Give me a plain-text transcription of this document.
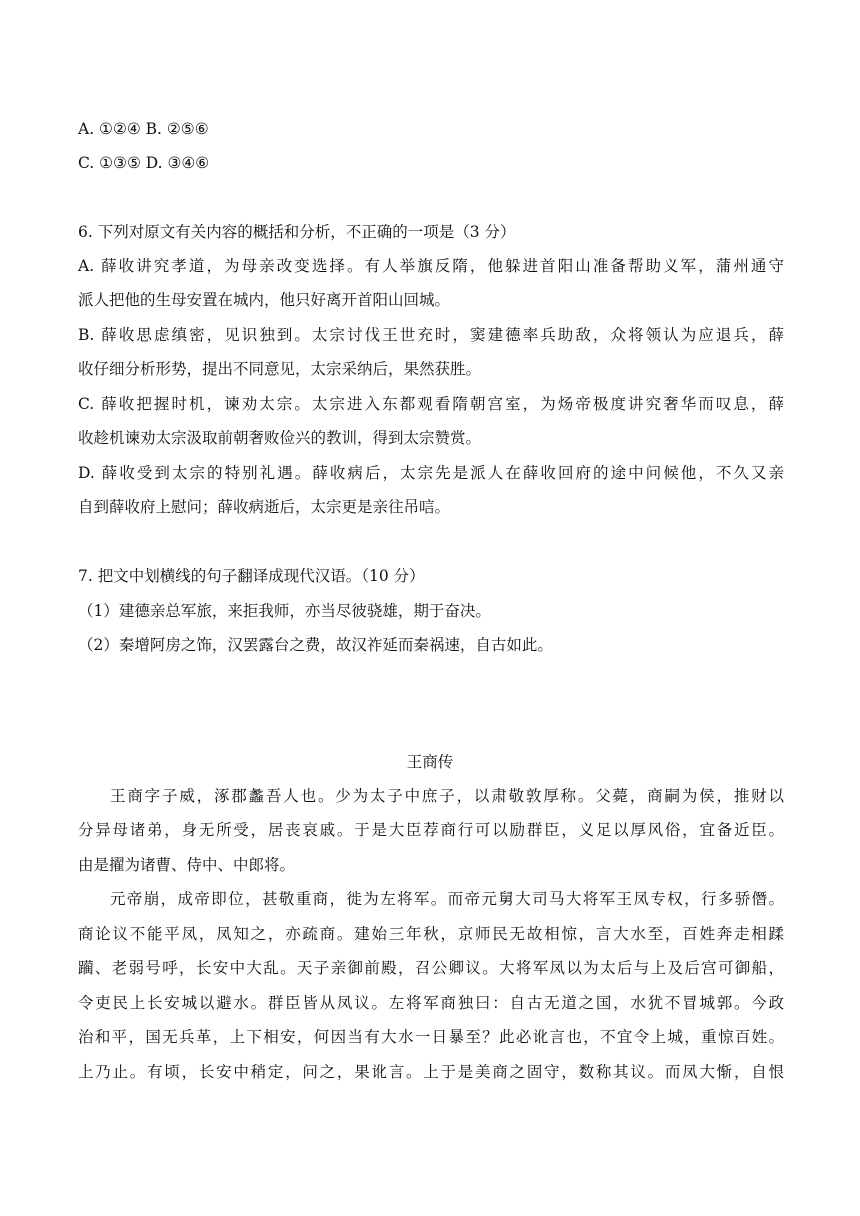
A. ①②④ B. ②⑤⑥
C. ①③⑤ D. ③④⑥
6. 下列对原文有关内容的概括和分析，不正确的一项是（3 分）
A. 薛收讲究孝道，为母亲改变选择。有人举旗反隋，他躲进首阳山准备帮助义军，蒲州通守
派人把他的生母安置在城内，他只好离开首阳山回城。
B. 薛收思虑缜密，见识独到。太宗讨伐王世充时，窦建德率兵助敌，众将领认为应退兵，薛
收仔细分析形势，提出不同意见，太宗采纳后，果然获胜。
C. 薛收把握时机，谏劝太宗。太宗进入东都观看隋朝宫室，为炀帝极度讲究奢华而叹息，薛
收趁机谏劝太宗汲取前朝奢败俭兴的教训，得到太宗赞赏。
D. 薛收受到太宗的特别礼遇。薛收病后，太宗先是派人在薛收回府的途中问候他，不久又亲
自到薛收府上慰问；薛收病逝后，太宗更是亲往吊唁。
7. 把文中划横线的句子翻译成现代汉语。（10 分）
（1）建德亲总军旅，来拒我师，亦当尽彼骁雄，期于奋决。
（2）秦增阿房之饰，汉罢露台之费，故汉祚延而秦祸速，自古如此。
王商传
王商字子威，涿郡蠡吾人也。少为太子中庶子，以肃敬敦厚称。父薨，商嗣为侯，推财以
分异母诸弟，身无所受，居丧哀戚。于是大臣荐商行可以励群臣，义足以厚风俗，宜备近臣。
由是擢为诸曹、侍中、中郎将。
元帝崩，成帝即位，甚敬重商，徙为左将军。而帝元舅大司马大将军王凤专权，行多骄僭。
商论议不能平凤，凤知之，亦疏商。建始三年秋，京师民无故相惊，言大水至，百姓奔走相蹂
躏、老弱号呼，长安中大乱。天子亲御前殿，召公卿议。大将军凤以为太后与上及后宫可御船，
令吏民上长安城以避水。群臣皆从凤议。左将军商独曰：自古无道之国，水犹不冒城郭。今政
治和平，国无兵革，上下相安，何因当有大水一日暴至？此必讹言也，不宜令上城，重惊百姓。
上乃止。有顷，长安中稍定，问之，果讹言。上于是美商之固守，数称其议。而凤大惭，自恨
